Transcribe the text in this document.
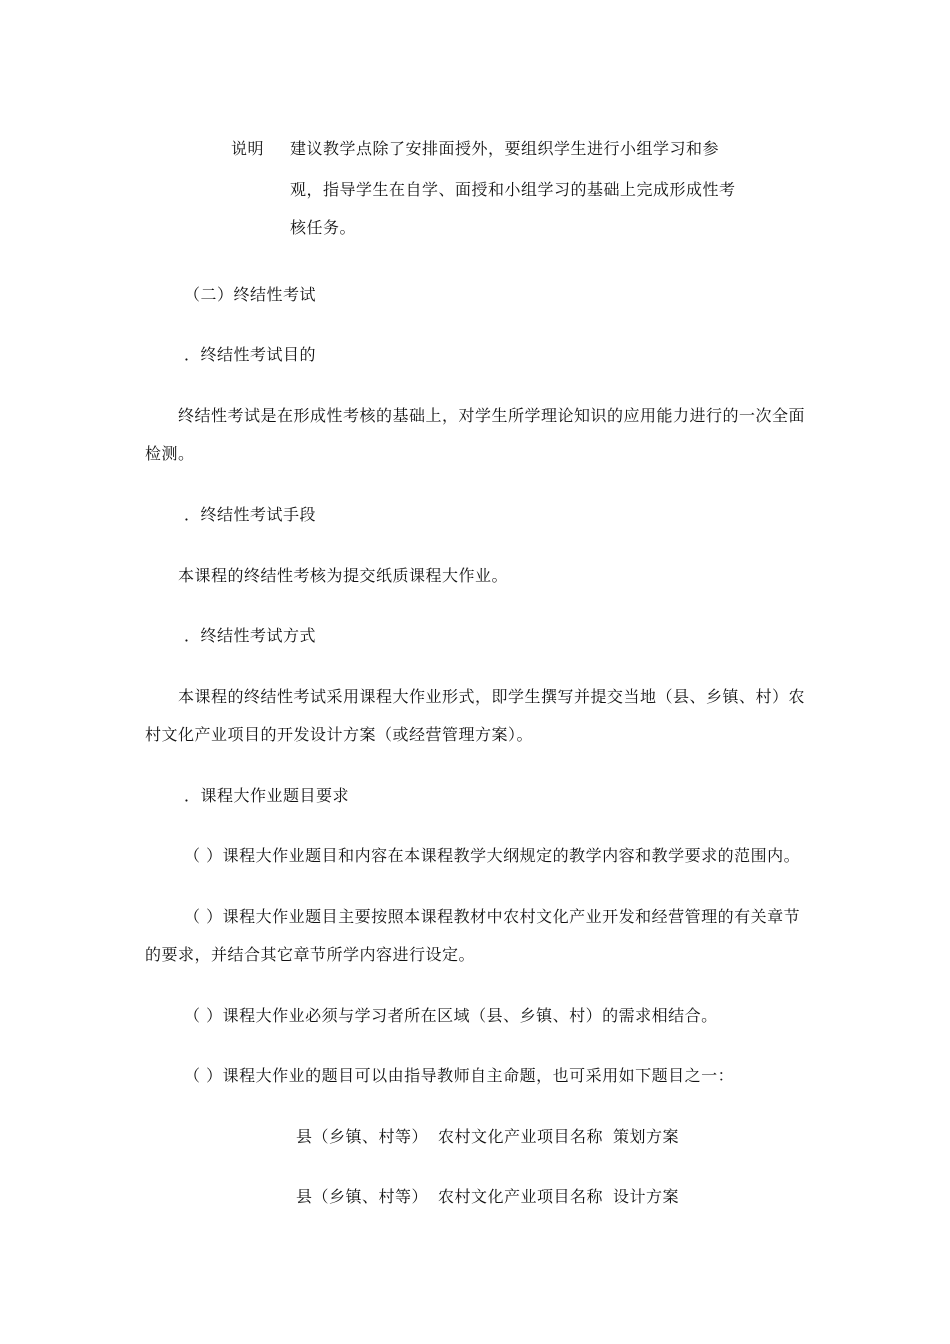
说明 建议教学点除了安排面授外，要组织学生进行小组学习和参
观，指导学生在自学、面授和小组学习的基础上完成形成性考
核任务。
（二）终结性考试
．终结性考试目的
终结性考试是在形成性考核的基础上，对学生所学理论知识的应用能力进行的一次全面
检测。
．终结性考试手段
本课程的终结性考核为提交纸质课程大作业。
．终结性考试方式
本课程的终结性考试采用课程大作业形式，即学生撰写并提交当地（县、乡镇、村）农
村文化产业项目的开发设计方案（或经营管理方案）。
．课程大作业题目要求
（ ）课程大作业题目和内容在本课程教学大纲规定的教学内容和教学要求的范围内。
（ ）课程大作业题目主要按照本课程教材中农村文化产业开发和经营管理的有关章节
的要求，并结合其它章节所学内容进行设定。
（ ）课程大作业必须与学习者所在区域（县、乡镇、村）的需求相结合。
（ ）课程大作业的题目可以由指导教师自主命题，也可采用如下题目之一：
县（乡镇、村等） 农村文化产业项目名称 策划方案
县（乡镇、村等） 农村文化产业项目名称 设计方案
